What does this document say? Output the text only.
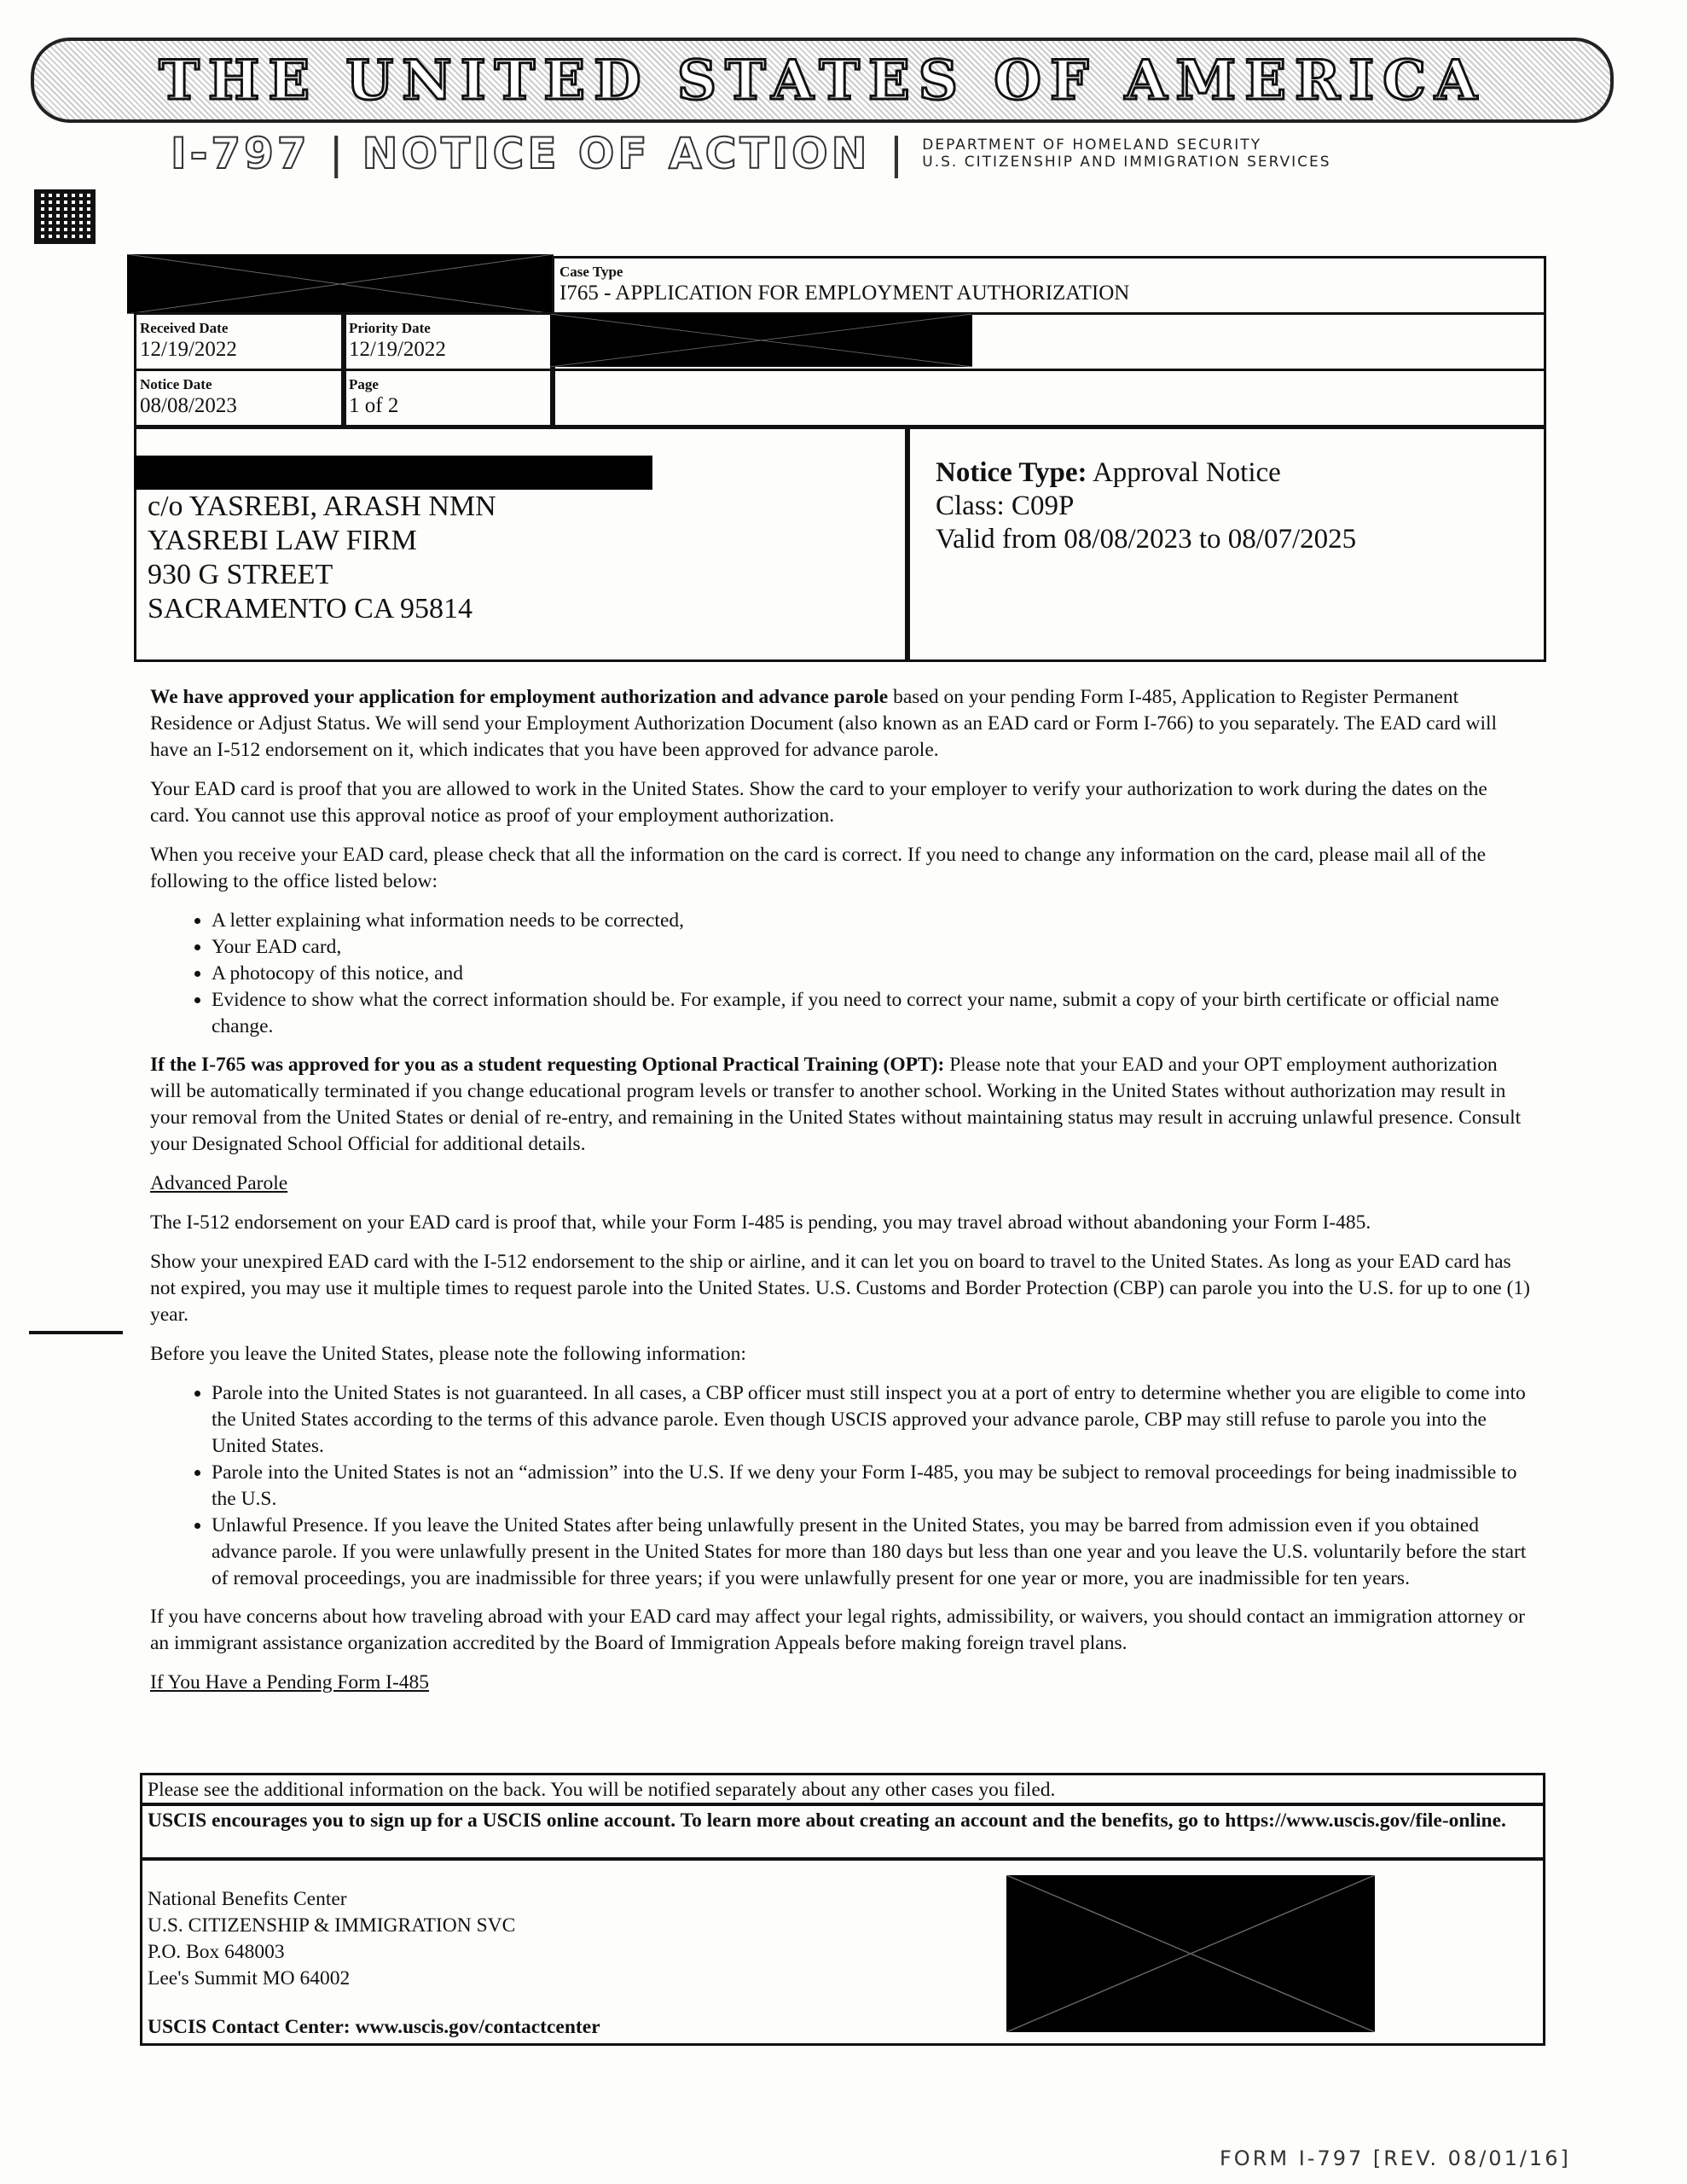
THE UNITED STATES OF AMERICA
I-797 | NOTICE OF ACTION | DEPARTMENT OF HOMELAND SECURITY
U.S. CITIZENSHIP AND IMMIGRATION SERVICES
Case Type
I765 - APPLICATION FOR EMPLOYMENT AUTHORIZATION
Received Date
12/19/2022
Priority Date
12/19/2022
Notice Date
08/08/2023
Page
1 of 2
c/o YASREBI, ARASH NMN
YASREBI LAW FIRM
930 G STREET
SACRAMENTO CA 95814
Notice Type: Approval Notice
Class: C09P
Valid from 08/08/2023 to 08/07/2025

We have approved your application for employment authorization and advance parole based on your pending Form I-485, Application to Register Permanent Residence or Adjust Status. We will send your Employment Authorization Document (also known as an EAD card or Form I-766) to you separately. The EAD card will have an I-512 endorsement on it, which indicates that you have been approved for advance parole.

Your EAD card is proof that you are allowed to work in the United States. Show the card to your employer to verify your authorization to work during the dates on the card. You cannot use this approval notice as proof of your employment authorization.

When you receive your EAD card, please check that all the information on the card is correct. If you need to change any information on the card, please mail all of the following to the office listed below:

• A letter explaining what information needs to be corrected,
• Your EAD card,
• A photocopy of this notice, and
• Evidence to show what the correct information should be. For example, if you need to correct your name, submit a copy of your birth certificate or official name change.

If the I-765 was approved for you as a student requesting Optional Practical Training (OPT): Please note that your EAD and your OPT employment authorization will be automatically terminated if you change educational program levels or transfer to another school. Working in the United States without authorization may result in your removal from the United States or denial of re-entry, and remaining in the United States without maintaining status may result in accruing unlawful presence. Consult your Designated School Official for additional details.

Advanced Parole

The I-512 endorsement on your EAD card is proof that, while your Form I-485 is pending, you may travel abroad without abandoning your Form I-485.

Show your unexpired EAD card with the I-512 endorsement to the ship or airline, and it can let you on board to travel to the United States. As long as your EAD card has not expired, you may use it multiple times to request parole into the United States. U.S. Customs and Border Protection (CBP) can parole you into the U.S. for up to one (1) year.

Before you leave the United States, please note the following information:

• Parole into the United States is not guaranteed. In all cases, a CBP officer must still inspect you at a port of entry to determine whether you are eligible to come into the United States according to the terms of this advance parole. Even though USCIS approved your advance parole, CBP may still refuse to parole you into the United States.
• Parole into the United States is not an “admission” into the U.S. If we deny your Form I-485, you may be subject to removal proceedings for being inadmissible to the U.S.
• Unlawful Presence. If you leave the United States after being unlawfully present in the United States, you may be barred from admission even if you obtained advance parole. If you were unlawfully present in the United States for more than 180 days but less than one year and you leave the U.S. voluntarily before the start of removal proceedings, you are inadmissible for three years; if you were unlawfully present for one year or more, you are inadmissible for ten years.

If you have concerns about how traveling abroad with your EAD card may affect your legal rights, admissibility, or waivers, you should contact an immigration attorney or an immigrant assistance organization accredited by the Board of Immigration Appeals before making foreign travel plans.

If You Have a Pending Form I-485

Please see the additional information on the back. You will be notified separately about any other cases you filed.
USCIS encourages you to sign up for a USCIS online account. To learn more about creating an account and the benefits, go to https://www.uscis.gov/file-online.
National Benefits Center
U.S. CITIZENSHIP & IMMIGRATION SVC
P.O. Box 648003
Lee's Summit MO 64002
USCIS Contact Center: www.uscis.gov/contactcenter
FORM I-797 [REV. 08/01/16]
